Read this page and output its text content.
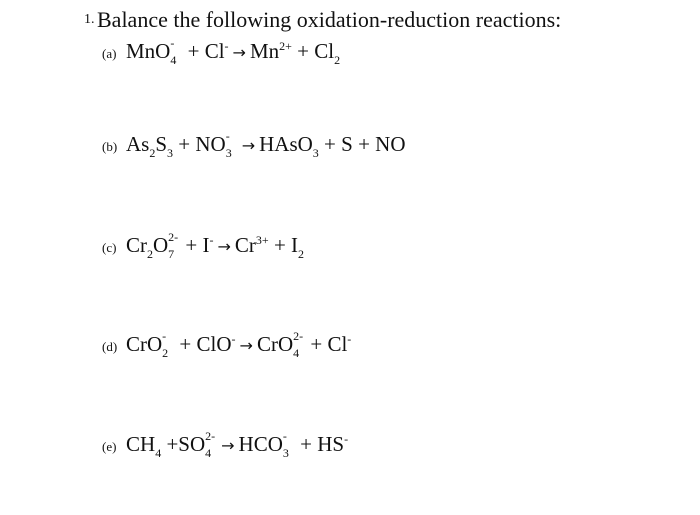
1. Balance the following oxidation-reduction reactions:
(a) MnO -
$4 + Cl^- \to Mn^{2+} + Cl_2$
(b) $As_2S_3$ + NO -
3 → HAsO$_3$ + S + NO
(c) $Cr_2O$ 2-
$7 + I^- \to Cr^{3+} + I_2$
(d) CrO -
2 + ClO- → CrO 2-
4 + Cl-
(e) $CH_4 +SO$ 2-
4 → HCO -
3 + HS-
